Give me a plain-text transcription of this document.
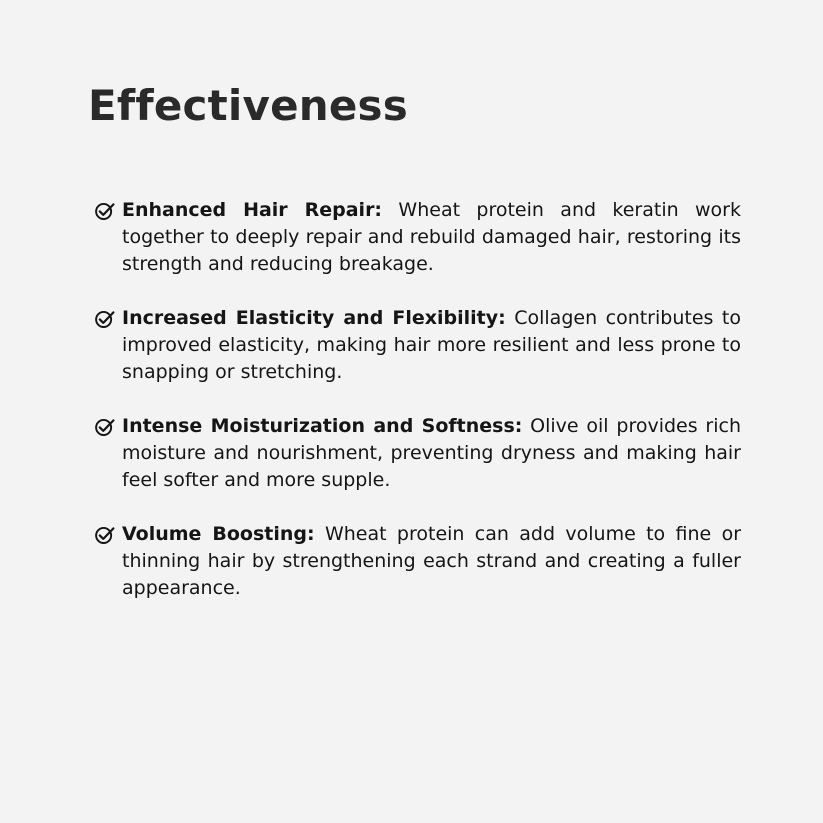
Effectiveness
Enhanced Hair Repair: Wheat protein and keratin work together to deeply repair and rebuild damaged hair, restoring its strength and reducing breakage.
Increased Elasticity and Flexibility: Collagen contributes to improved elasticity, making hair more resilient and less prone to snapping or stretching.
Intense Moisturization and Softness: Olive oil provides rich moisture and nourishment, preventing dryness and making hair feel softer and more supple.
Volume Boosting: Wheat protein can add volume to fine or thinning hair by strengthening each strand and creating a fuller appearance.
